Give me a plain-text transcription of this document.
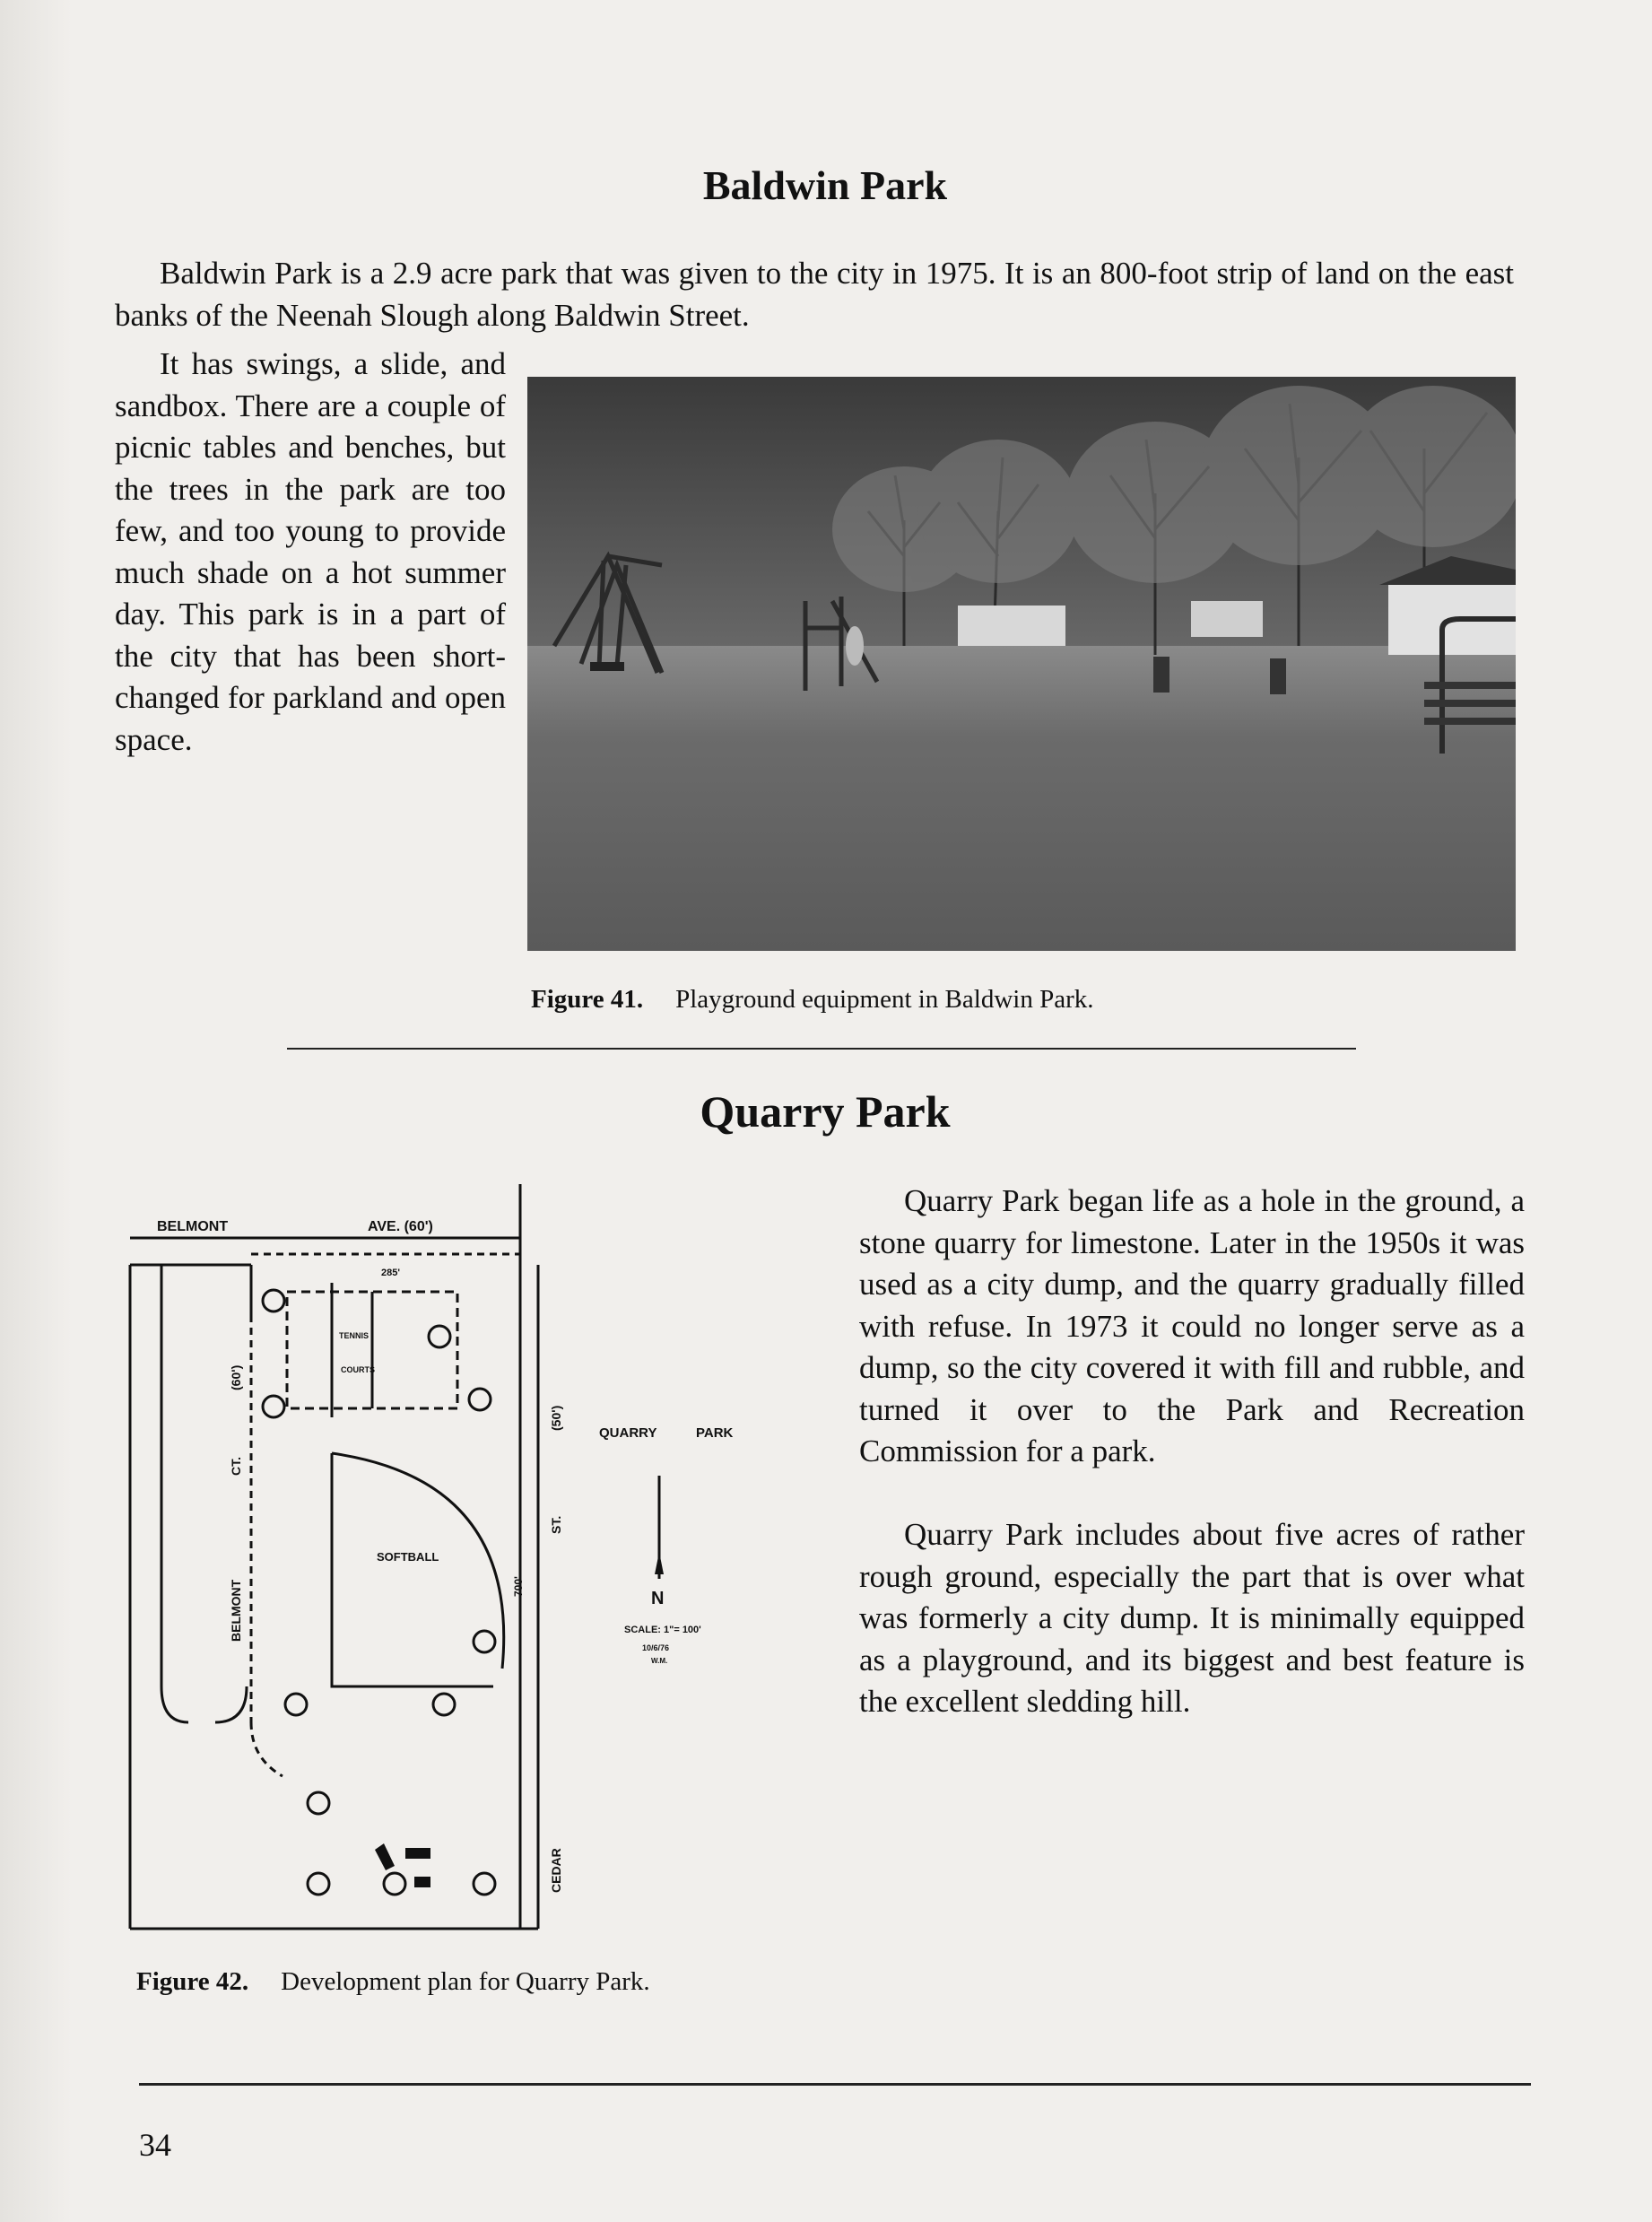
Baldwin Park
Baldwin Park is a 2.9 acre park that was given to the city in 1975. It is an 800-foot strip of land on the east banks of the Neenah Slough along Baldwin Street.
It has swings, a slide, and sandbox. There are a couple of picnic tables and benches, but the trees in the park are too few, and too young to provide much shade on a hot summer day. This park is in a part of the city that has been short-changed for parkland and open space.
Figure 41. Playground equipment in Baldwin Park.
Quarry Park
Quarry Park began life as a hole in the ground, a stone quarry for limestone. Later in the 1950s it was used as a city dump, and the quarry gradually filled with refuse. In 1973 it could no longer serve as a dump, so the city covered it with fill and rubble, and turned it over to the Park and Recreation Commission for a park.
Quarry Park includes about five acres of rather rough ground, especially the part that is over what was formerly a city dump. It is minimally equipped as a playground, and its biggest and best feature is the excellent sledding hill.
BELMONT	AVE. (60')
285'
TENNIS
COURTS
SOFTBALL
(60')
CT.
BELMONT
(50')
ST.
CEDAR
700'
QUARRY	PARK
N
SCALE: 1"= 100'
10/6/76
W.M.
Figure 42. Development plan for Quarry Park.
34
